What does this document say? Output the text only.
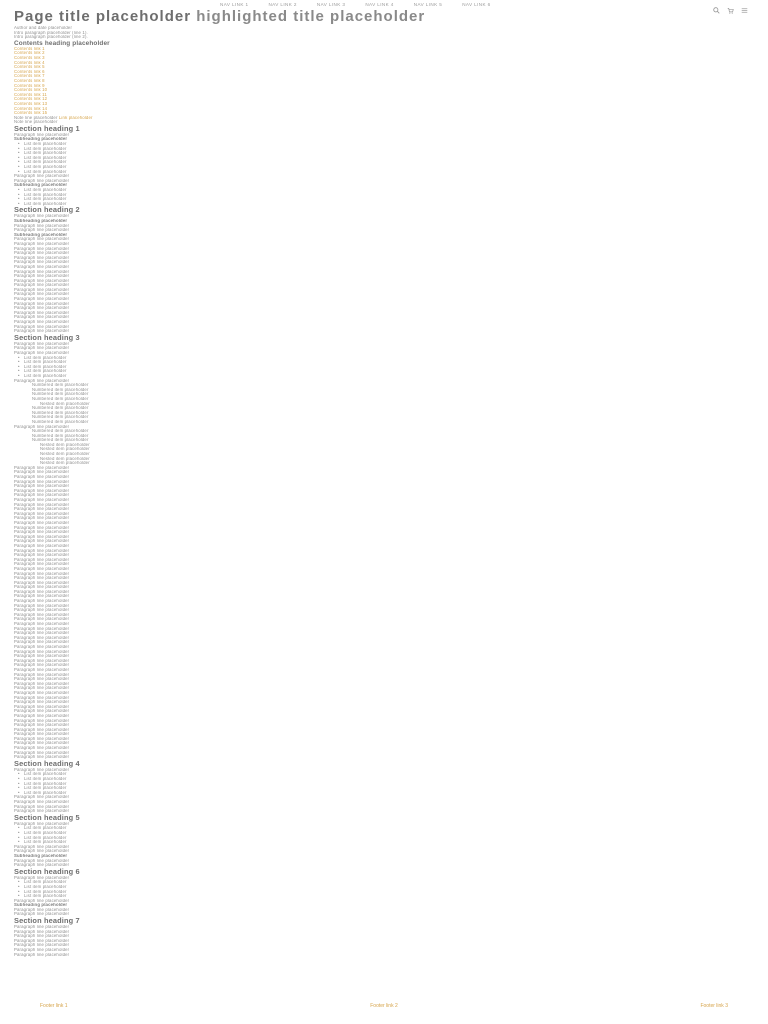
NAV LINK 1	NAV LINK 2	NAV LINK 3	NAV LINK 4	NAV LINK 5	NAV LINK 6
Page title placeholder highlighted title placeholder
Author and date placeholder
Intro paragraph placeholder (line 1).
Intro paragraph placeholder (line 2).
Contents heading placeholder
Contents link 1
Contents link 2
Contents link 3
Contents link 4
Contents link 5
Contents link 6
Contents link 7
Contents link 8
Contents link 9
Contents link 10
Contents link 11
Contents link 12
Contents link 13
Contents link 14
Contents link 15
Note line placeholder Link placeholder
Note line placeholder
Section heading 1
Paragraph line placeholder
Subheading placeholder
• List item placeholder
• List item placeholder
• List item placeholder
• List item placeholder
• List item placeholder
• List item placeholder
• List item placeholder
Paragraph line placeholder
Paragraph line placeholder
Subheading placeholder
• List item placeholder
• List item placeholder
• List item placeholder
• List item placeholder
Section heading 2
Paragraph line placeholder
Subheading placeholder
Paragraph line placeholder
Paragraph line placeholder
Subheading placeholder
Paragraph line placeholder
Paragraph line placeholder
Paragraph line placeholder
Paragraph line placeholder
Paragraph line placeholder
Paragraph line placeholder
Paragraph line placeholder
Paragraph line placeholder
Paragraph line placeholder
Paragraph line placeholder
Paragraph line placeholder
Paragraph line placeholder
Paragraph line placeholder
Paragraph line placeholder
Paragraph line placeholder
Paragraph line placeholder
Paragraph line placeholder
Paragraph line placeholder
Paragraph line placeholder
Paragraph line placeholder
Paragraph line placeholder
Section heading 3
Paragraph line placeholder
Paragraph line placeholder
Paragraph line placeholder
• List item placeholder
• List item placeholder
• List item placeholder
• List item placeholder
• List item placeholder
Paragraph line placeholder
Numbered item placeholder
Numbered item placeholder
Numbered item placeholder
Numbered item placeholder
Nested item placeholder
Numbered item placeholder
Numbered item placeholder
Numbered item placeholder
Numbered item placeholder
Paragraph line placeholder
Numbered item placeholder
Numbered item placeholder
Numbered item placeholder
Nested item placeholder
Nested item placeholder
Nested item placeholder
Nested item placeholder
Nested item placeholder
Paragraph line placeholder
Paragraph line placeholder
Paragraph line placeholder
Paragraph line placeholder
Paragraph line placeholder
Paragraph line placeholder
Paragraph line placeholder
Paragraph line placeholder
Paragraph line placeholder
Paragraph line placeholder
Paragraph line placeholder
Paragraph line placeholder
Paragraph line placeholder
Paragraph line placeholder
Paragraph line placeholder
Paragraph line placeholder
Paragraph line placeholder
Paragraph line placeholder
Paragraph line placeholder
Paragraph line placeholder
Paragraph line placeholder
Paragraph line placeholder
Paragraph line placeholder
Paragraph line placeholder
Paragraph line placeholder
Paragraph line placeholder
Paragraph line placeholder
Paragraph line placeholder
Paragraph line placeholder
Paragraph line placeholder
Paragraph line placeholder
Paragraph line placeholder
Paragraph line placeholder
Paragraph line placeholder
Paragraph line placeholder
Paragraph line placeholder
Paragraph line placeholder
Paragraph line placeholder
Paragraph line placeholder
Paragraph line placeholder
Paragraph line placeholder
Paragraph line placeholder
Paragraph line placeholder
Paragraph line placeholder
Paragraph line placeholder
Paragraph line placeholder
Paragraph line placeholder
Paragraph line placeholder
Paragraph line placeholder
Paragraph line placeholder
Paragraph line placeholder
Paragraph line placeholder
Paragraph line placeholder
Paragraph line placeholder
Paragraph line placeholder
Paragraph line placeholder
Paragraph line placeholder
Paragraph line placeholder
Paragraph line placeholder
Paragraph line placeholder
Paragraph line placeholder
Paragraph line placeholder
Paragraph line placeholder
Paragraph line placeholder
Section heading 4
Paragraph line placeholder
• List item placeholder
• List item placeholder
• List item placeholder
• List item placeholder
• List item placeholder
Paragraph line placeholder
Paragraph line placeholder
Paragraph line placeholder
Paragraph line placeholder
Section heading 5
Paragraph line placeholder
• List item placeholder
• List item placeholder
• List item placeholder
• List item placeholder
Paragraph line placeholder
Paragraph line placeholder
Subheading placeholder
Paragraph line placeholder
Paragraph line placeholder
Section heading 6
Paragraph line placeholder
• List item placeholder
• List item placeholder
• List item placeholder
• List item placeholder
Paragraph line placeholder
Subheading placeholder
Paragraph line placeholder
Paragraph line placeholder
Section heading 7
Paragraph line placeholder
Paragraph line placeholder
Paragraph line placeholder
Paragraph line placeholder
Paragraph line placeholder
Paragraph line placeholder
Paragraph line placeholder
Footer link 1	Footer link 2	Footer link 3
